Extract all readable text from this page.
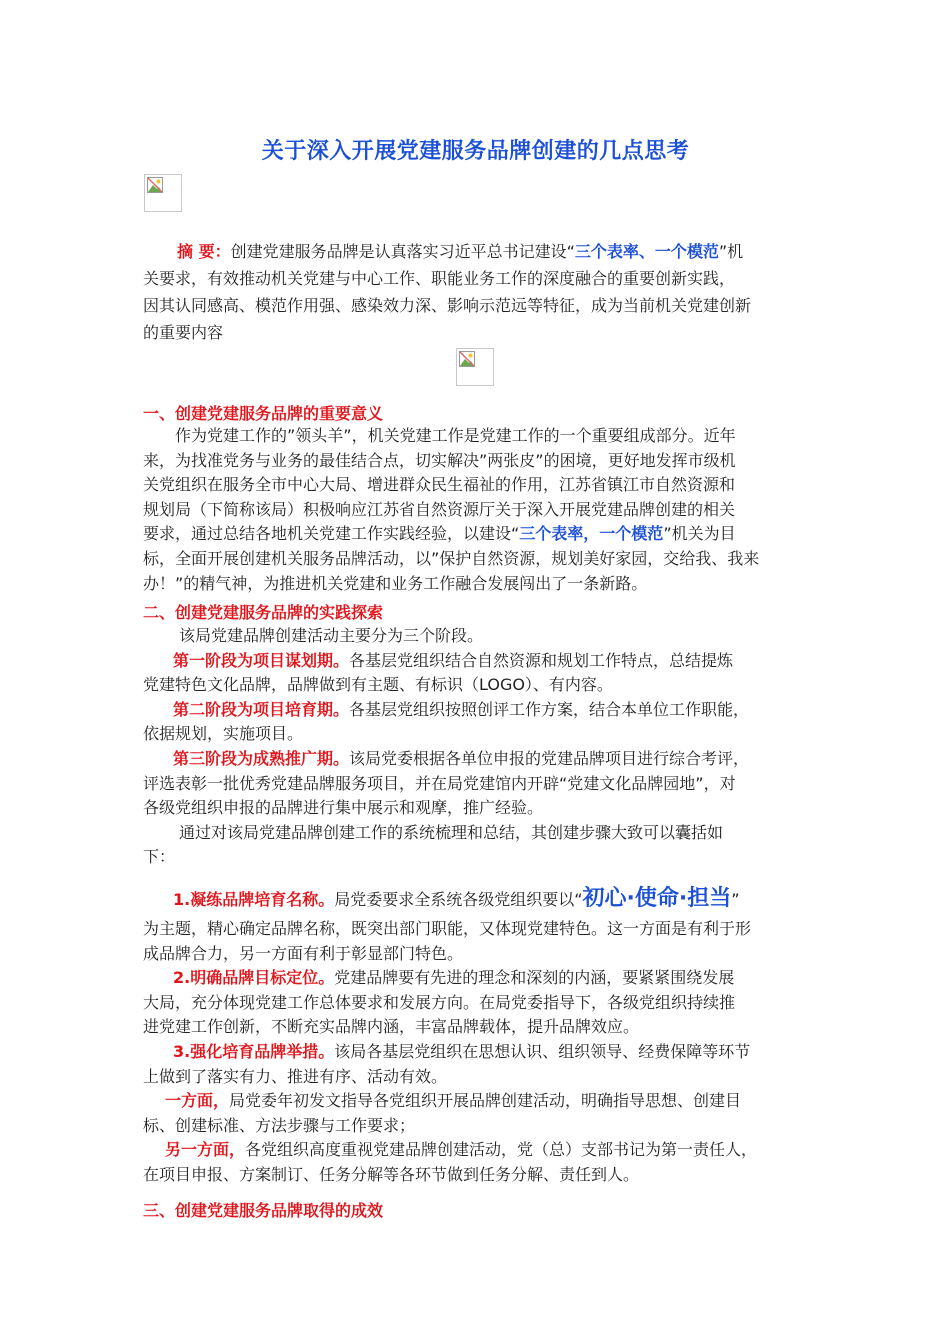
关于深入开展党建服务品牌创建的几点思考
摘 要：创建党建服务品牌是认真落实习近平总书记建设“三个表率、一个模范”机
关要求，有效推动机关党建与中心工作、职能业务工作的深度融合的重要创新实践，
因其认同感高、模范作用强、感染效力深、影响示范远等特征，成为当前机关党建创新
的重要内容
一、创建党建服务品牌的重要意义
作为党建工作的”领头羊”，机关党建工作是党建工作的一个重要组成部分。近年
来，为找准党务与业务的最佳结合点，切实解决”两张皮”的困境，更好地发挥市级机
关党组织在服务全市中心大局、增进群众民生福祉的作用，江苏省镇江市自然资源和
规划局（下简称该局）积极响应江苏省自然资源厅关于深入开展党建品牌创建的相关
要求，通过总结各地机关党建工作实践经验，以建设“三个表率，一个模范”机关为目
标，全面开展创建机关服务品牌活动，以”保护自然资源，规划美好家园，交给我、我来
办！”的精气神，为推进机关党建和业务工作融合发展闯出了一条新路。
二、创建党建服务品牌的实践探索
该局党建品牌创建活动主要分为三个阶段。
第一阶段为项目谋划期。各基层党组织结合自然资源和规划工作特点，总结提炼
党建特色文化品牌，品牌做到有主题、有标识（LOGO）、有内容。
第二阶段为项目培育期。各基层党组织按照创评工作方案，结合本单位工作职能，
依据规划，实施项目。
第三阶段为成熟推广期。该局党委根据各单位申报的党建品牌项目进行综合考评，
评选表彰一批优秀党建品牌服务项目，并在局党建馆内开辟“党建文化品牌园地”，对
各级党组织申报的品牌进行集中展示和观摩，推广经验。
通过对该局党建品牌创建工作的系统梳理和总结，其创建步骤大致可以囊括如
下：
1.凝练品牌培育名称。局党委要求全系统各级党组织要以“初心·使命·担当”
为主题，精心确定品牌名称，既突出部门职能，又体现党建特色。这一方面是有利于形
成品牌合力，另一方面有利于彰显部门特色。
2.明确品牌目标定位。党建品牌要有先进的理念和深刻的内涵，要紧紧围绕发展
大局，充分体现党建工作总体要求和发展方向。在局党委指导下，各级党组织持续推
进党建工作创新，不断充实品牌内涵，丰富品牌载体，提升品牌效应。
3.强化培育品牌举措。该局各基层党组织在思想认识、组织领导、经费保障等环节
上做到了落实有力、推进有序、活动有效。
一方面，局党委年初发文指导各党组织开展品牌创建活动，明确指导思想、创建目
标、创建标准、方法步骤与工作要求；
另一方面，各党组织高度重视党建品牌创建活动，党（总）支部书记为第一责任人，
在项目申报、方案制订、任务分解等各环节做到任务分解、责任到人。
三、创建党建服务品牌取得的成效
